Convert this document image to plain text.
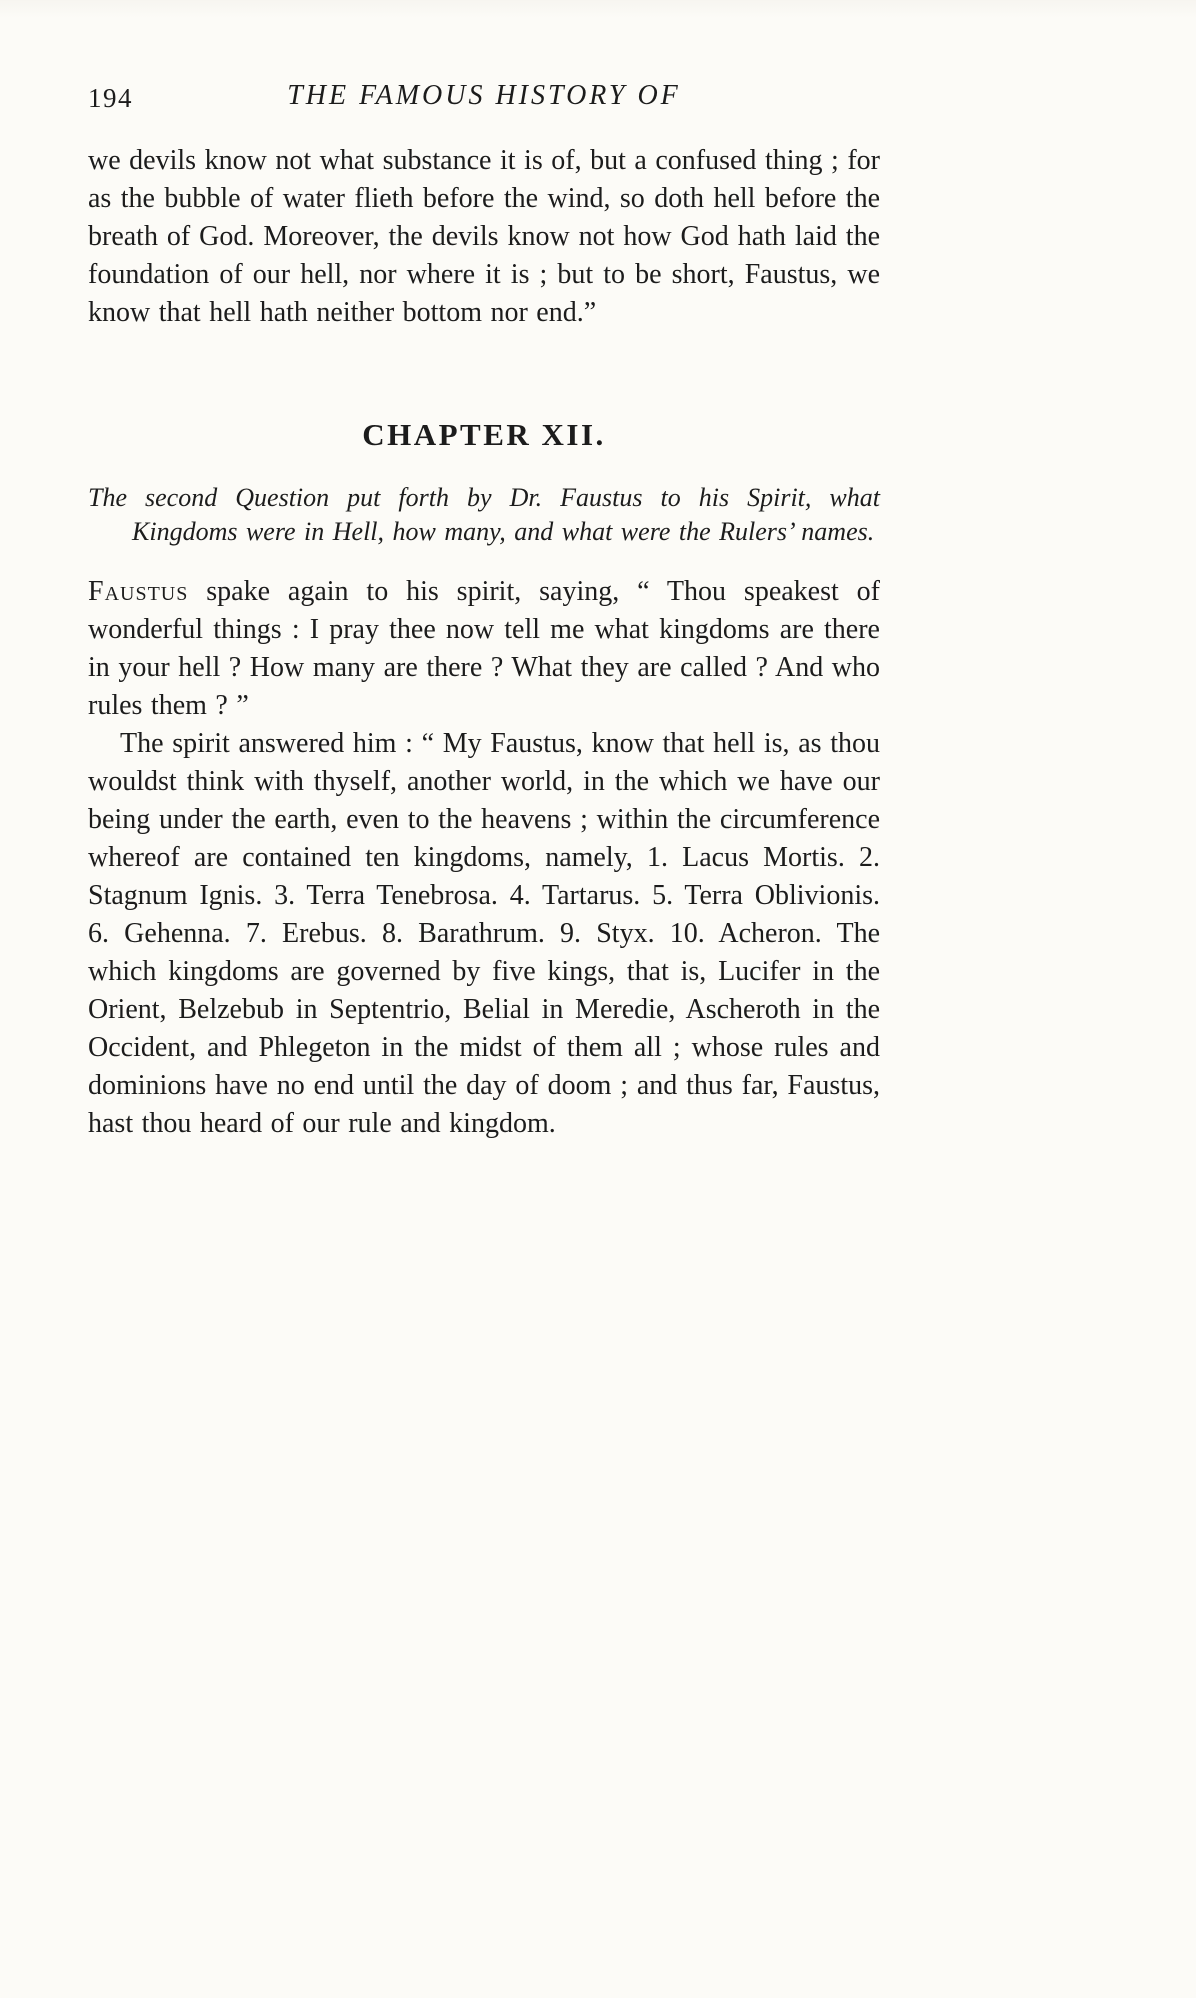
194	THE FAMOUS HISTORY OF

we devils know not what substance it is of, but a confused thing ; for as the bubble of water flieth before the wind, so doth hell before the breath of God. Moreover, the devils know not how God hath laid the foundation of our hell, nor where it is ; but to be short, Faustus, we know that hell hath neither bottom nor end.”

CHAPTER XII.

The second Question put forth by Dr. Faustus to his Spirit, what Kingdoms were in Hell, how many, and what were the Rulers’ names.

Faustus spake again to his spirit, saying, “ Thou speakest of wonderful things : I pray thee now tell me what kingdoms are there in your hell ? How many are there ? What they are called ? And who rules them ? ”

The spirit answered him : “ My Faustus, know that hell is, as thou wouldst think with thyself, another world, in the which we have our being under the earth, even to the heavens ; within the circumference whereof are contained ten kingdoms, namely, 1. Lacus Mortis. 2. Stagnum Ignis. 3. Terra Tenebrosa. 4. Tartarus. 5. Terra Oblivionis. 6. Gehenna. 7. Erebus. 8. Barathrum. 9. Styx. 10. Acheron. The which kingdoms are governed by five kings, that is, Lucifer in the Orient, Belzebub in Septentrio, Belial in Meredie, Ascheroth in the Occident, and Phlegeton in the midst of them all ; whose rules and dominions have no end until the day of doom ; and thus far, Faustus, hast thou heard of our rule and kingdom.
